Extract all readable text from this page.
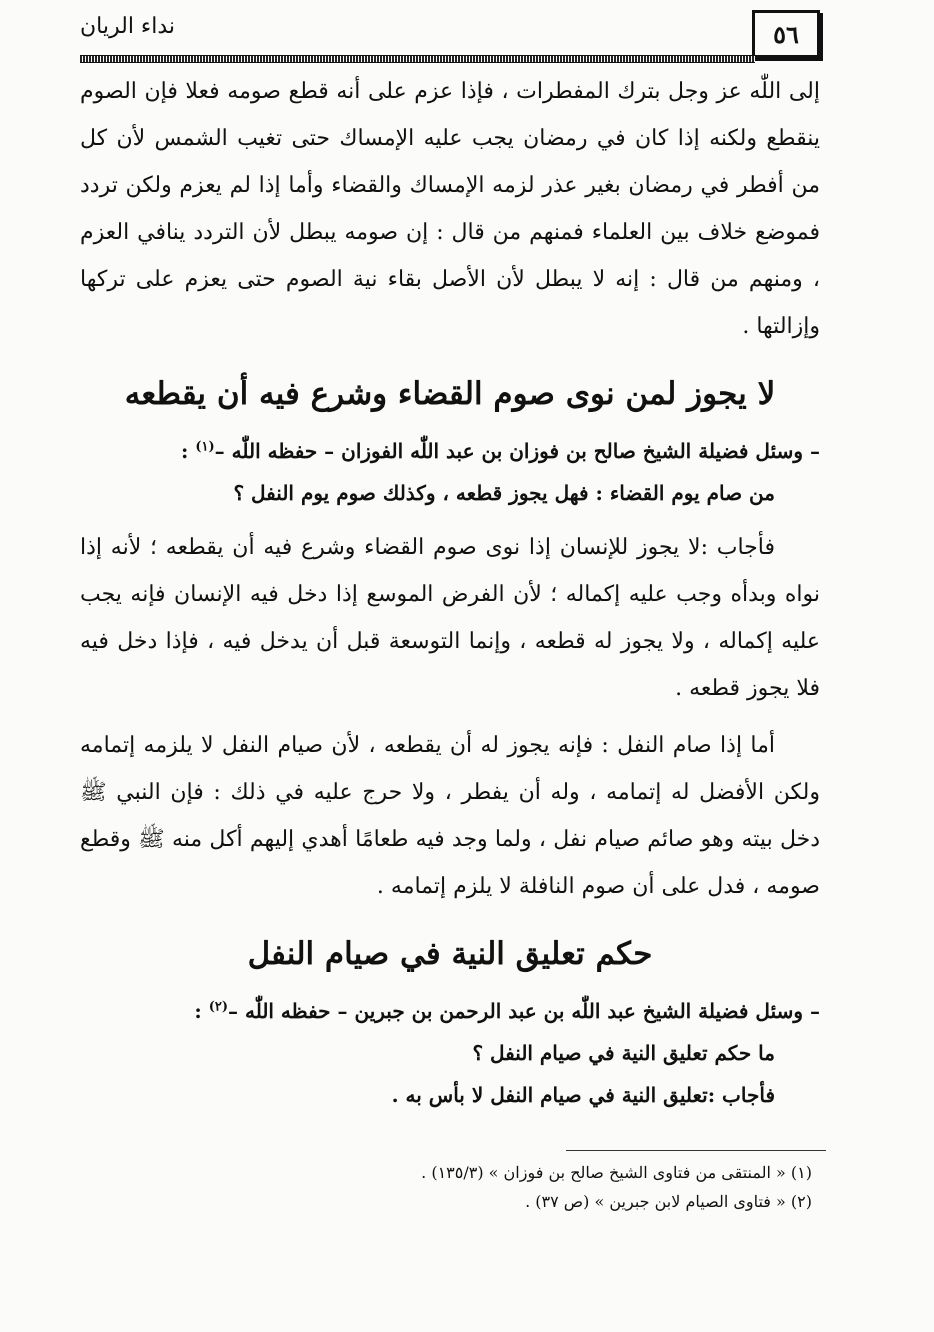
٥٦
نداء الريان

إلى اللّٰه عز وجل بترك المفطرات ، فإذا عزم على أنه قطع صومه فعلا فإن الصوم ينقطع ولكنه إذا كان في رمضان يجب عليه الإمساك حتى تغيب الشمس لأن كل من أفطر في رمضان بغير عذر لزمه الإمساك والقضاء وأما إذا لم يعزم ولكن تردد فموضع خلاف بين العلماء فمنهم من قال : إن صومه يبطل لأن التردد ينافي العزم ، ومنهم من قال : إنه لا يبطل لأن الأصل بقاء نية الصوم حتى يعزم على تركها وإزالتها .

لا يجوز لمن نوى صوم القضاء وشرع فيه أن يقطعه

– وسئل فضيلة الشيخ صالح بن فوزان بن عبد اللّٰه الفوزان – حفظه اللّٰه –$^{(١)}$ :

من صام يوم القضاء : فهل يجوز قطعه ، وكذلك صوم يوم النفل ؟

فأجاب :لا يجوز للإنسان إذا نوى صوم القضاء وشرع فيه أن يقطعه ؛ لأنه إذا نواه وبدأه وجب عليه إكماله ؛ لأن الفرض الموسع إذا دخل فيه الإنسان فإنه يجب عليه إكماله ، ولا يجوز له قطعه ، وإنما التوسعة قبل أن يدخل فيه ، فإذا دخل فيه فلا يجوز قطعه .

أما إذا صام النفل : فإنه يجوز له أن يقطعه ، لأن صيام النفل لا يلزمه إتمامه ولكن الأفضل له إتمامه ، وله أن يفطر ، ولا حرج عليه في ذلك : فإن النبي ﷺ دخل بيته وهو صائم صيام نفل ، ولما وجد فيه طعامًا أهدي إليهم أكل منه ﷺ وقطع صومه ، فدل على أن صوم النافلة لا يلزم إتمامه .

حكم تعليق النية في صيام النفل

– وسئل فضيلة الشيخ عبد اللّٰه بن عبد الرحمن بن جبرين – حفظه اللّٰه –$^{(٢)}$ :

ما حكم تعليق النية في صيام النفل ؟

فأجاب :تعليق النية في صيام النفل لا بأس به .

(١) « المنتقى من فتاوى الشيخ صالح بن فوزان » (١٣٥/٣) .

(٢) « فتاوى الصيام لابن جبرين » (ص ٣٧) .
